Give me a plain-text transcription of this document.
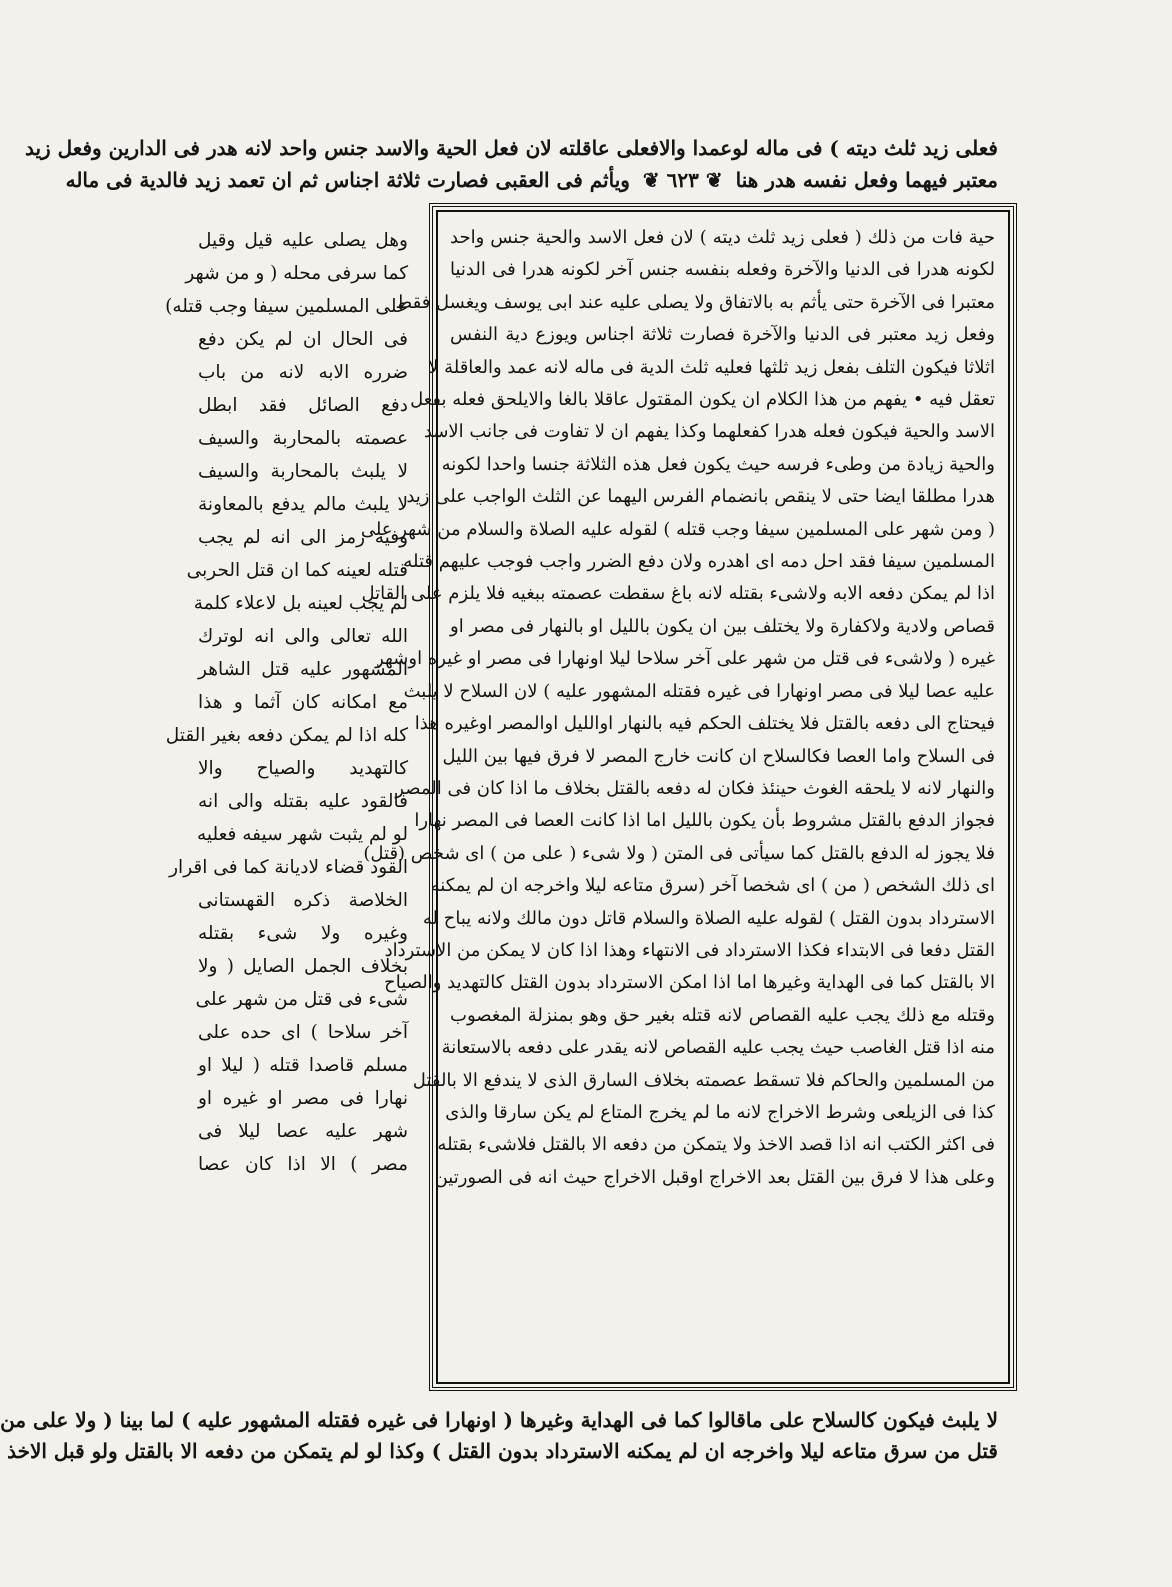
فعلی زید ثلث دیته ) فی ماله لوعمدا والافعلی عاقلته لان فعل الحیة والاسد جنس واحد لانه هدر فی الدارین وفعل زید
معتبر فیهما وفعل نفسه هدر هنا ❦ ٦٢٣ ❦ ویأثم فی العقبی فصارت ثلاثة اجناس ثم ان تعمد زید فالدیة فی ماله
حیة فات من ذلك ( فعلی زید ثلث دیته ) لان فعل الاسد والحیة جنس واحد
لکونه هدرا فی الدنیا والآخرة وفعله بنفسه جنس آخر لکونه هدرا فی الدنیا
معتبرا فی الآخرة حتی یأثم به بالاتفاق ولا یصلی علیه عند ابی یوسف ویغسل فقط
وفعل زید معتبر فی الدنیا والآخرة فصارت ثلاثة اجناس ویوزع دیة النفس
اثلاثا فیکون التلف بفعل زید ثلثها فعلیه ثلث الدیة فی ماله لانه عمد والعاقلة لا
تعقل فیه • یفهم من هذا الکلام ان یکون المقتول عاقلا بالغا والایلحق فعله بفعل
الاسد والحیة فیکون فعله هدرا کفعلهما وکذا یفهم ان لا تفاوت فی جانب الاسد
والحیة زیادة من وطیء فرسه حیث یکون فعل هذه الثلاثة جنسا واحدا لکونه
هدرا مطلقا ایضا حتی لا ینقص بانضمام الفرس الیهما عن الثلث الواجب علی زید
( ومن شهر علی المسلمین سیفا وجب قتله ) لقوله علیه الصلاة والسلام من شهر علی
المسلمین سیفا فقد احل دمه ای اهدره ولان دفع الضرر واجب فوجب علیهم قتله
اذا لم یمکن دفعه الابه ولاشیء بقتله لانه باغ سقطت عصمته ببغیه فلا یلزم علی القاتل
قصاص ولادیة ولاکفارة ولا یختلف بین ان یکون باللیل او بالنهار فی مصر او
غیره ( ولاشیء فی قتل من شهر علی آخر سلاحا لیلا اونهارا فی مصر او غیره اوشهر
علیه عصا لیلا فی مصر اونهارا فی غیره فقتله المشهور علیه ) لان السلاح لا یلبث
فیحتاج الی دفعه بالقتل فلا یختلف الحکم فیه بالنهار اواللیل اوالمصر اوغیره هذا
فی السلاح واما العصا فکالسلاح ان کانت خارج المصر لا فرق فیها بین اللیل
والنهار لانه لا یلحقه الغوث حینئذ فکان له دفعه بالقتل بخلاف ما اذا کان فی المصر
فجواز الدفع بالقتل مشروط بأن یکون باللیل اما اذا کانت العصا فی المصر نهارا
فلا یجوز له الدفع بالقتل کما سیأتی فی المتن ( ولا شیء ( علی من ) ای شخص (قتل)
ای ذلك الشخص ( من ) ای شخصا آخر (سرق متاعه لیلا واخرجه ان لم یمکنه
الاسترداد بدون القتل ) لقوله علیه الصلاة والسلام قاتل دون مالك ولانه یباح له
القتل دفعا فی الابتداء فکذا الاسترداد فی الانتهاء وهذا اذا کان لا یمکن من الاسترداد
الا بالقتل کما فی الهدایة وغیرها اما اذا امکن الاسترداد بدون القتل کالتهدید والصیاح
وقتله مع ذلك یجب علیه القصاص لانه قتله بغیر حق وهو بمنزلة المغصوب
منه اذا قتل الغاصب حیث یجب علیه القصاص لانه یقدر علی دفعه بالاستعانة
من المسلمین والحاکم فلا تسقط عصمته بخلاف السارق الذی لا یندفع الا بالقتل
کذا فی الزیلعی وشرط الاخراج لانه ما لم یخرج المتاع لم یکن سارقا والذی
فی اکثر الکتب انه اذا قصد الاخذ ولا یتمکن من دفعه الا بالقتل فلاشیء بقتله
وعلی هذا لا فرق بین القتل بعد الاخراج اوقبل الاخراج حیث انه فی الصورتین
وهل یصلی علیه قیل وقیل
کما سرفی محله ( و من شهر
علی المسلمین سیفا وجب قتله)
فی الحال ان لم یکن دفع
ضرره الابه لانه من باب
دفع الصائل فقد ابطل
عصمته بالمحاربة والسیف
لا یلبث بالمحاربة والسیف
لا یلبث مالم یدفع بالمعاونة
وفیه رمز الی انه لم یجب
قتله لعینه کما ان قتل الحربی
لم یجب لعینه بل لاعلاء کلمة
الله تعالی والی انه لوترك
المشهور علیه قتل الشاهر
مع امکانه کان آثما و هذا
کله اذا لم یمکن دفعه بغیر القتل
کالتهدید والصیاح والا
فالقود علیه بقتله والی انه
لو لم یثبت شهر سیفه فعلیه
القود قضاء لادیانة کما فی اقرار
الخلاصة ذکره القهستانی
وغیره ولا شیء بقتله
بخلاف الجمل الصایل ( ولا
شیء فی قتل من شهر علی
آخر سلاحا ) ای حده علی
مسلم قاصدا قتله ( لیلا او
نهارا فی مصر او غیره او
شهر علیه عصا لیلا فی
مصر ) الا اذا کان عصا
لا یلبث فیکون کالسلاح علی ماقالوا کما فی الهدایة وغیرها ( اونهارا فی غیره فقتله المشهور علیه ) لما بینا ( ولا علی من
قتل من سرق متاعه لیلا واخرجه ان لم یمکنه الاسترداد بدون القتل ) وکذا لو لم یتمکن من دفعه الا بالقتل ولو قبل الاخذ
